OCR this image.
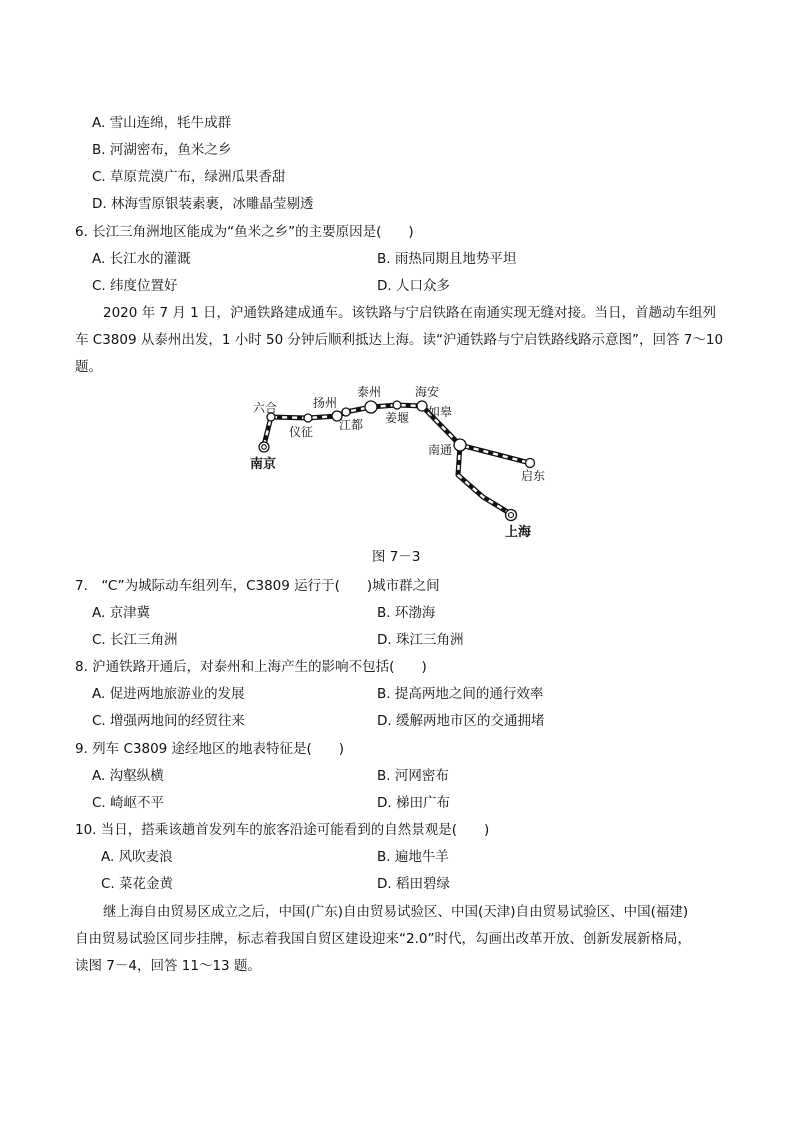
A. 雪山连绵，牦牛成群
B. 河湖密布，鱼米之乡
C. 草原荒漠广布，绿洲瓜果香甜
D. 林海雪原银装素裹，冰雕晶莹剔透
6. 长江三角洲地区能成为“鱼米之乡”的主要原因是(　　)
A. 长江水的灌溉	B. 雨热同期且地势平坦
C. 纬度位置好	D. 人口众多
2020 年 7 月 1 日，沪通铁路建成通车。该铁路与宁启铁路在南通实现无缝对接。当日，首趟动车组列
车 C3809 从泰州出发，1 小时 50 分钟后顺利抵达上海。读“沪通铁路与宁启铁路线路示意图”，回答 7～10
题。
南京
六合
仪征
扬州
江都
泰州
姜堰
海安
如皋
南通
启东
上海
图 7－3
7.　“C”为城际动车组列车，C3809 运行于(　　)城市群之间
A. 京津冀	B. 环渤海
C. 长江三角洲	D. 珠江三角洲
8. 沪通铁路开通后，对泰州和上海产生的影响不包括(　　)
A. 促进两地旅游业的发展	B. 提高两地之间的通行效率
C. 增强两地间的经贸往来	D. 缓解两地市区的交通拥堵
9. 列车 C3809 途经地区的地表特征是(　　)
A. 沟壑纵横	B. 河网密布
C. 崎岖不平	D. 梯田广布
10. 当日，搭乘该趟首发列车的旅客沿途可能看到的自然景观是(　　)
A. 风吹麦浪	B. 遍地牛羊
C. 菜花金黄	D. 稻田碧绿
继上海自由贸易区成立之后，中国(广东)自由贸易试验区、中国(天津)自由贸易试验区、中国(福建)
自由贸易试验区同步挂牌，标志着我国自贸区建设迎来“2.0”时代，勾画出改革开放、创新发展新格局，
读图 7－4，回答 11～13 题。
